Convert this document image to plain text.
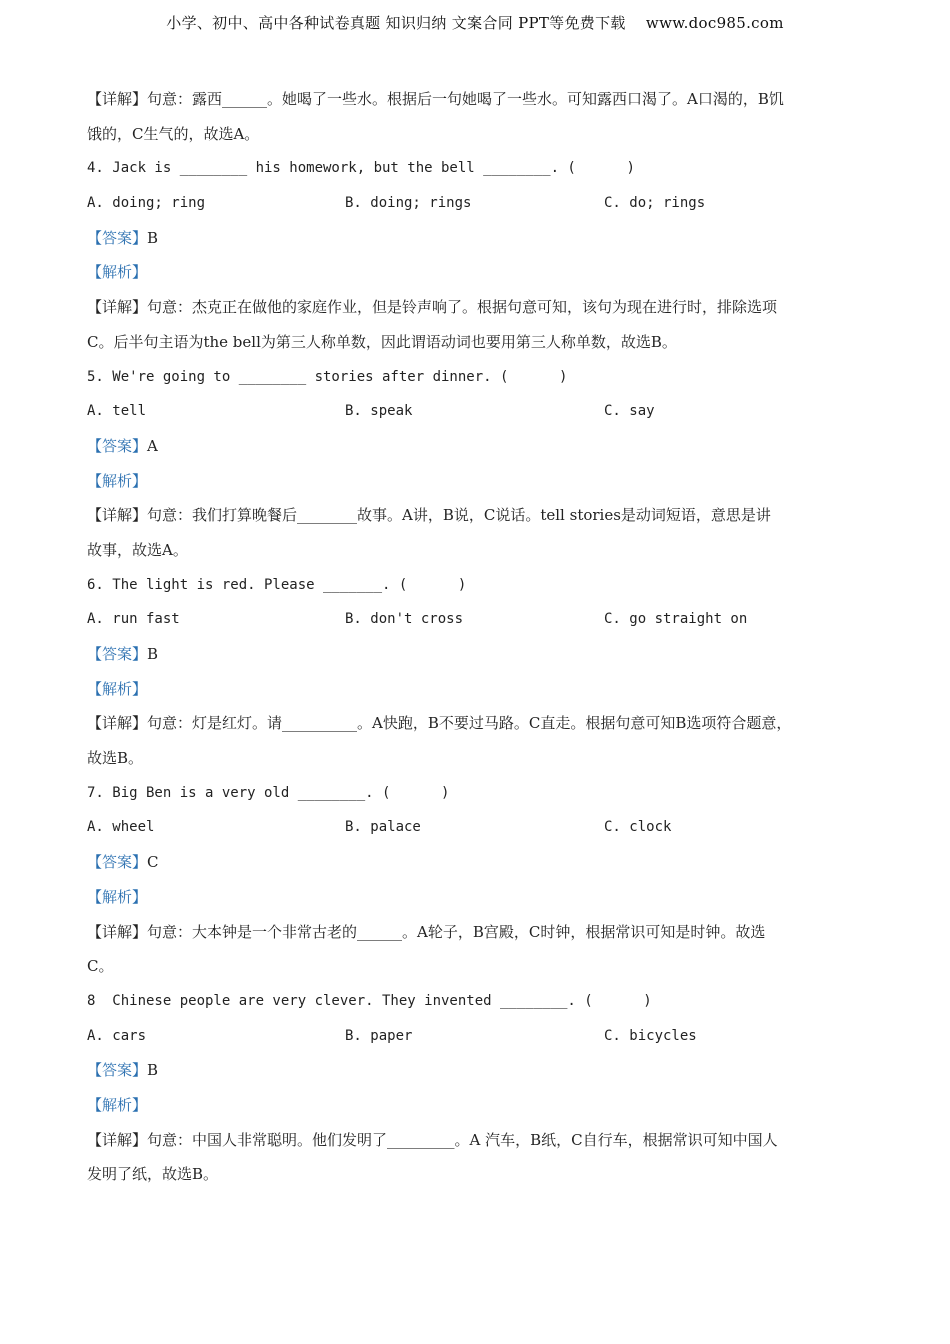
小学、初中、高中各种试卷真题 知识归纳 文案合同 PPT等免费下载    www.doc985.com
【详解】句意：露西______。她喝了一些水。根据后一句她喝了一些水。可知露西口渴了。A口渴的，B饥
饿的，C生气的，故选A。
4. Jack is ________ his homework, but the bell ________. (      )

A. doing; ring

	B. doing; rings

	C. do; rings

【答案】B
【解析】
【详解】句意：杰克正在做他的家庭作业，但是铃声响了。根据句意可知，该句为现在进行时，排除选项
C。后半句主语为the bell为第三人称单数，因此谓语动词也要用第三人称单数，故选B。
5. We're going to ________ stories after dinner. (      )

A. tell

	B. speak

	C. say

【答案】A
【解析】
【详解】句意：我们打算晚餐后________故事。A讲，B说，C说话。tell stories是动词短语，意思是讲
故事，故选A。
6. The light is red. Please _______. (      )

A. run fast

	B. don't cross

	C. go straight on

【答案】B
【解析】
【详解】句意：灯是红灯。请__________。A快跑，B不要过马路。C直走。根据句意可知B选项符合题意，
故选B。
7. Big Ben is a very old ________. (      )

A. wheel

	B. palace

	C. clock

【答案】C
【解析】
【详解】句意：大本钟是一个非常古老的______。A轮子，B宫殿，C时钟，根据常识可知是时钟。故选
C。
8  Chinese people are very clever. They invented ________. (      )

A. cars

	B. paper

	C. bicycles

【答案】B
【解析】
【详解】句意：中国人非常聪明。他们发明了_________。A 汽车，B纸，C自行车，根据常识可知中国人
发明了纸，故选B。
